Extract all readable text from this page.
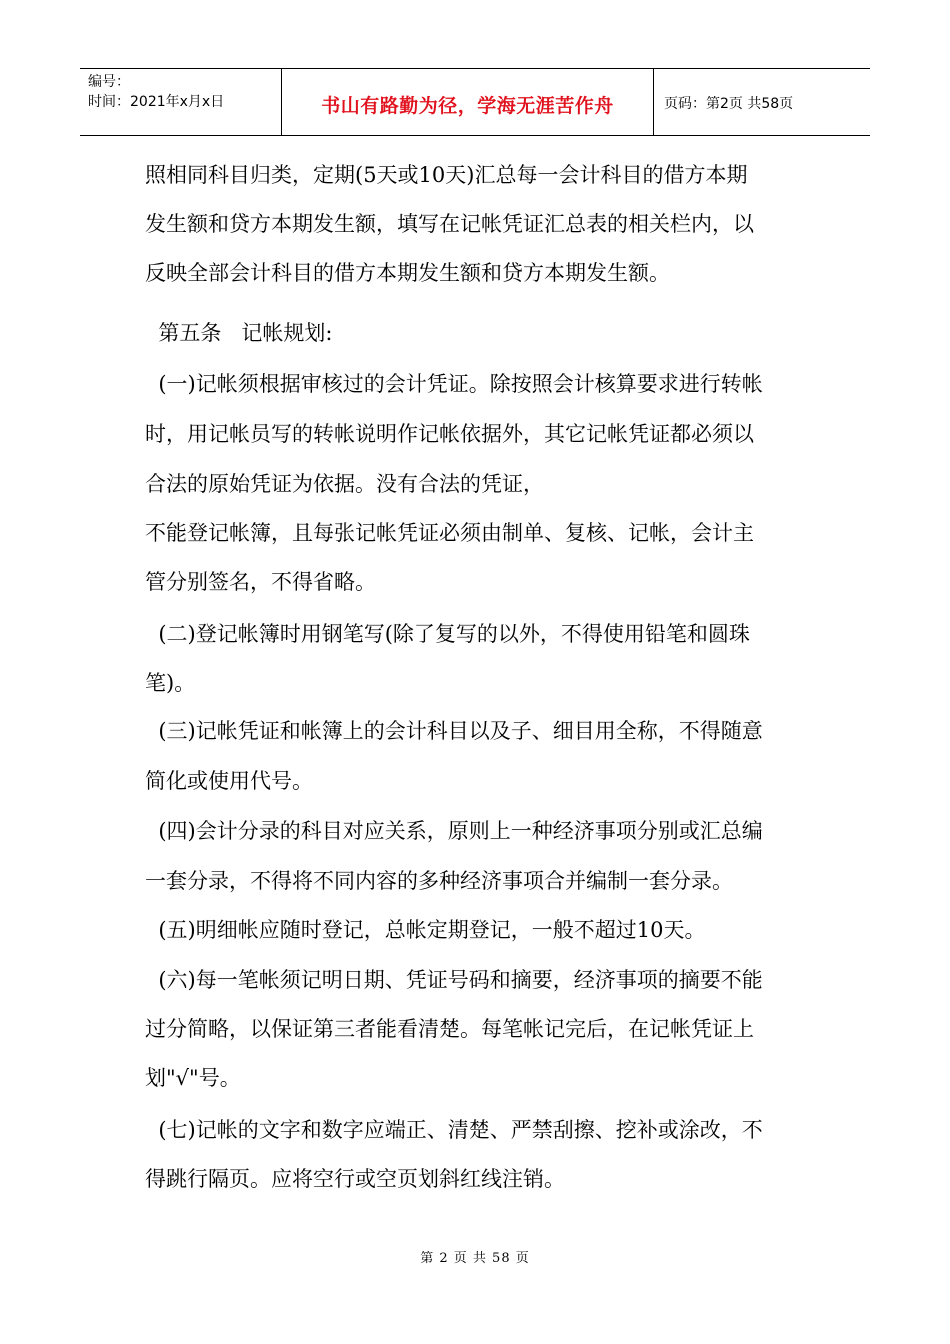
编号：
时间：2021年x月x日	书山有路勤为径，学海无涯苦作舟	页码：第2页 共58页
照相同科目归类，定期(5天或10天)汇总每一会计科目的借方本期
发生额和贷方本期发生额，填写在记帐凭证汇总表的相关栏内，以
反映全部会计科目的借方本期发生额和贷方本期发生额。
第五条   记帐规划:
(一)记帐须根据审核过的会计凭证。除按照会计核算要求进行转帐
时，用记帐员写的转帐说明作记帐依据外，其它记帐凭证都必须以
合法的原始凭证为依据。没有合法的凭证，
不能登记帐簿，且每张记帐凭证必须由制单、复核、记帐，会计主
管分别签名，不得省略。
(二)登记帐簿时用钢笔写(除了复写的以外，不得使用铅笔和圆珠
笔)。
(三)记帐凭证和帐簿上的会计科目以及子、细目用全称，不得随意
简化或使用代号。
(四)会计分录的科目对应关系，原则上一种经济事项分别或汇总编
一套分录，不得将不同内容的多种经济事项合并编制一套分录。
(五)明细帐应随时登记，总帐定期登记，一般不超过10天。
(六)每一笔帐须记明日期、凭证号码和摘要，经济事项的摘要不能
过分简略，以保证第三者能看清楚。每笔帐记完后，在记帐凭证上
划"√"号。
(七)记帐的文字和数字应端正、清楚、严禁刮擦、挖补或涂改，不
得跳行隔页。应将空行或空页划斜红线注销。
第 2 页 共 58 页
